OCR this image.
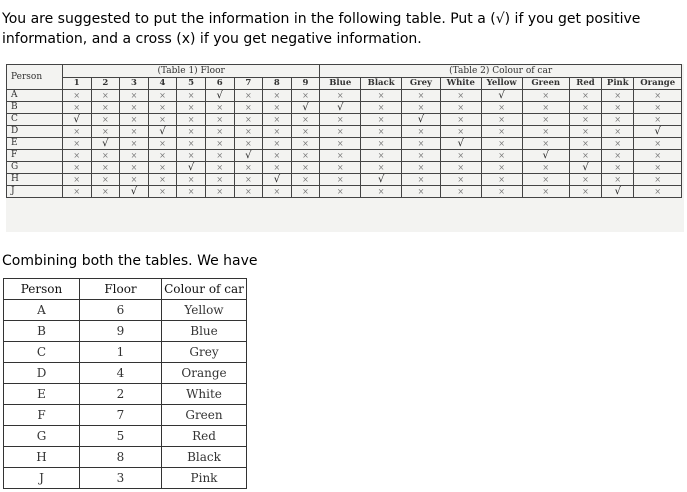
You are suggested to put the information in the following table. Put a (√) if you get positive information, and a cross (x) if you get negative information.

Person	(Table 1) Floor									(Table 2) Colour of car								
	1	2	3	4	5	6	7	8	9	Blue	Black	Grey	White	Yellow	Green	Red	Pink	Orange
A	×	×	×	×	×	√	×	×	×	×	×	×	×	√	×	×	×	×
B	×	×	×	×	×	×	×	×	√	√	×	×	×	×	×	×	×	×
C	√	×	×	×	×	×	×	×	×	×	×	√	×	×	×	×	×	×
D	×	×	×	√	×	×	×	×	×	×	×	×	×	×	×	×	×	√
E	×	√	×	×	×	×	×	×	×	×	×	×	√	×	×	×	×	×
F	×	×	×	×	×	×	√	×	×	×	×	×	×	×	√	×	×	×
G	×	×	×	×	√	×	×	×	×	×	×	×	×	×	×	√	×	×
H	×	×	×	×	×	×	×	√	×	×	√	×	×	×	×	×	×	×
J	×	×	√	×	×	×	×	×	×	×	×	×	×	×	×	×	√	×

Combining both the tables. We have

Person	Floor	Colour of car
A	6	Yellow
B	9	Blue
C	1	Grey
D	4	Orange
E	2	White
F	7	Green
G	5	Red
H	8	Black
J	3	Pink
